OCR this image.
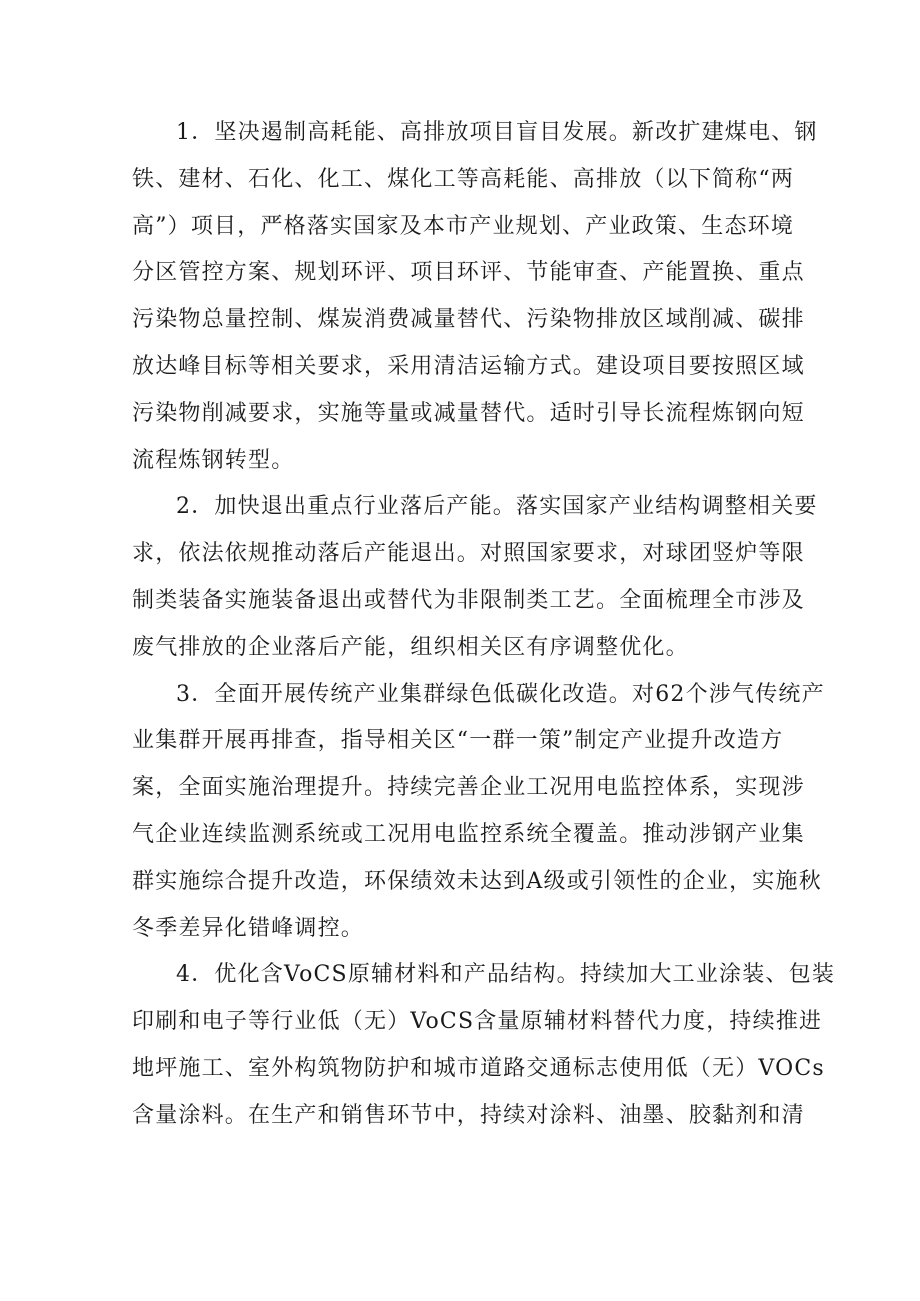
1．坚决遏制高耗能、高排放项目盲目发展。新改扩建煤电、钢
铁、建材、石化、化工、煤化工等高耗能、高排放（以下简称“两
高”）项目，严格落实国家及本市产业规划、产业政策、生态环境
分区管控方案、规划环评、项目环评、节能审查、产能置换、重点
污染物总量控制、煤炭消费减量替代、污染物排放区域削减、碳排
放达峰目标等相关要求，采用清洁运输方式。建设项目要按照区域
污染物削减要求，实施等量或减量替代。适时引导长流程炼钢向短
流程炼钢转型。
2．加快退出重点行业落后产能。落实国家产业结构调整相关要
求，依法依规推动落后产能退出。对照国家要求，对球团竖炉等限
制类装备实施装备退出或替代为非限制类工艺。全面梳理全市涉及
废气排放的企业落后产能，组织相关区有序调整优化。
3．全面开展传统产业集群绿色低碳化改造。对62个涉气传统产
业集群开展再排查，指导相关区“一群一策”制定产业提升改造方
案，全面实施治理提升。持续完善企业工况用电监控体系，实现涉
气企业连续监测系统或工况用电监控系统全覆盖。推动涉钢产业集
群实施综合提升改造，环保绩效未达到A级或引领性的企业，实施秋
冬季差异化错峰调控。
4．优化含VoCS原辅材料和产品结构。持续加大工业涂装、包装
印刷和电子等行业低（无）VoCS含量原辅材料替代力度，持续推进
地坪施工、室外构筑物防护和城市道路交通标志使用低（无）VOCs
含量涂料。在生产和销售环节中，持续对涂料、油墨、胶黏剂和清
